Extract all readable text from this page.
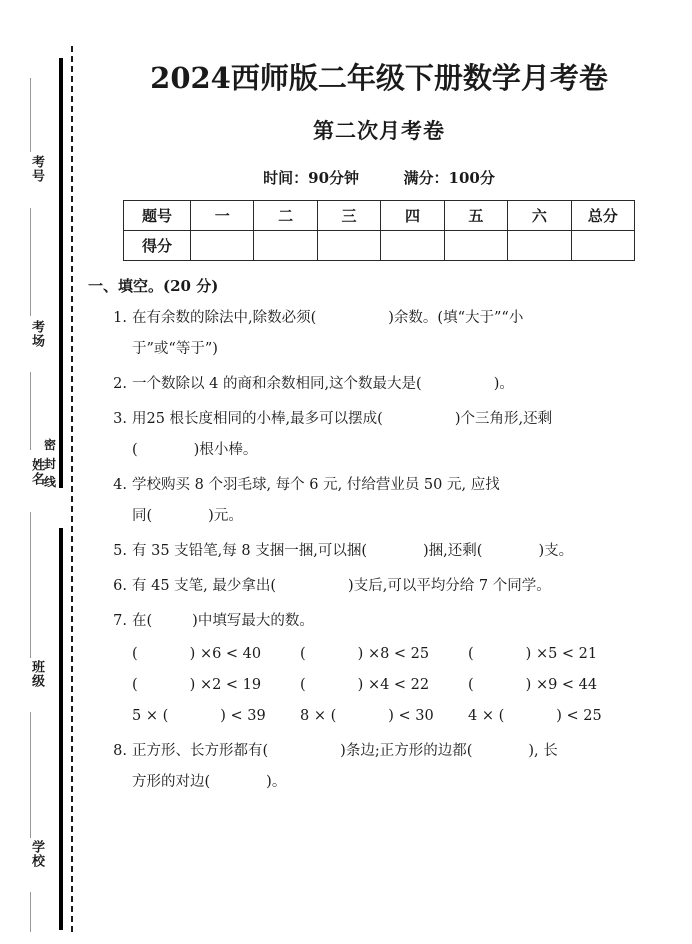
考号
考场
姓名
班级
学校
密
封
线
2024西师版二年级下册数学月考卷
第二次月考卷
时间：90分钟	满分：100分
题号	一	二	三	四	五	六	总分
得分							
一、填空。(20 分)
1. 在有余数的除法中,除数必须(	)余数。(填“大于”“小
于”或“等于”)
2. 一个数除以 4 的商和余数相同,这个数最大是(	)。
3. 用25 根长度相同的小棒,最多可以摆成(	)个三角形,还剩
(	)根小棒。
4. 学校购买 8 个羽毛球, 每个 6 元, 付给营业员 50 元, 应找
同(	)元。
5. 有 35 支铅笔,每 8 支捆一捆,可以捆(	)捆,还剩(	)支。
6. 有 45 支笔, 最少拿出(	)支后,可以平均分给 7 个同学。
7. 在(	)中填写最大的数。
(	) ×6 < 40	(	) ×8 < 25	(	) ×5 < 21
(	) ×2 < 19	(	) ×4 < 22	(	) ×9 < 44
5 × (	) < 39	8 × (	) < 30	4 × (	) < 25
8. 正方形、长方形都有(	)条边;正方形的边都(	), 长
方形的对边(	)。
